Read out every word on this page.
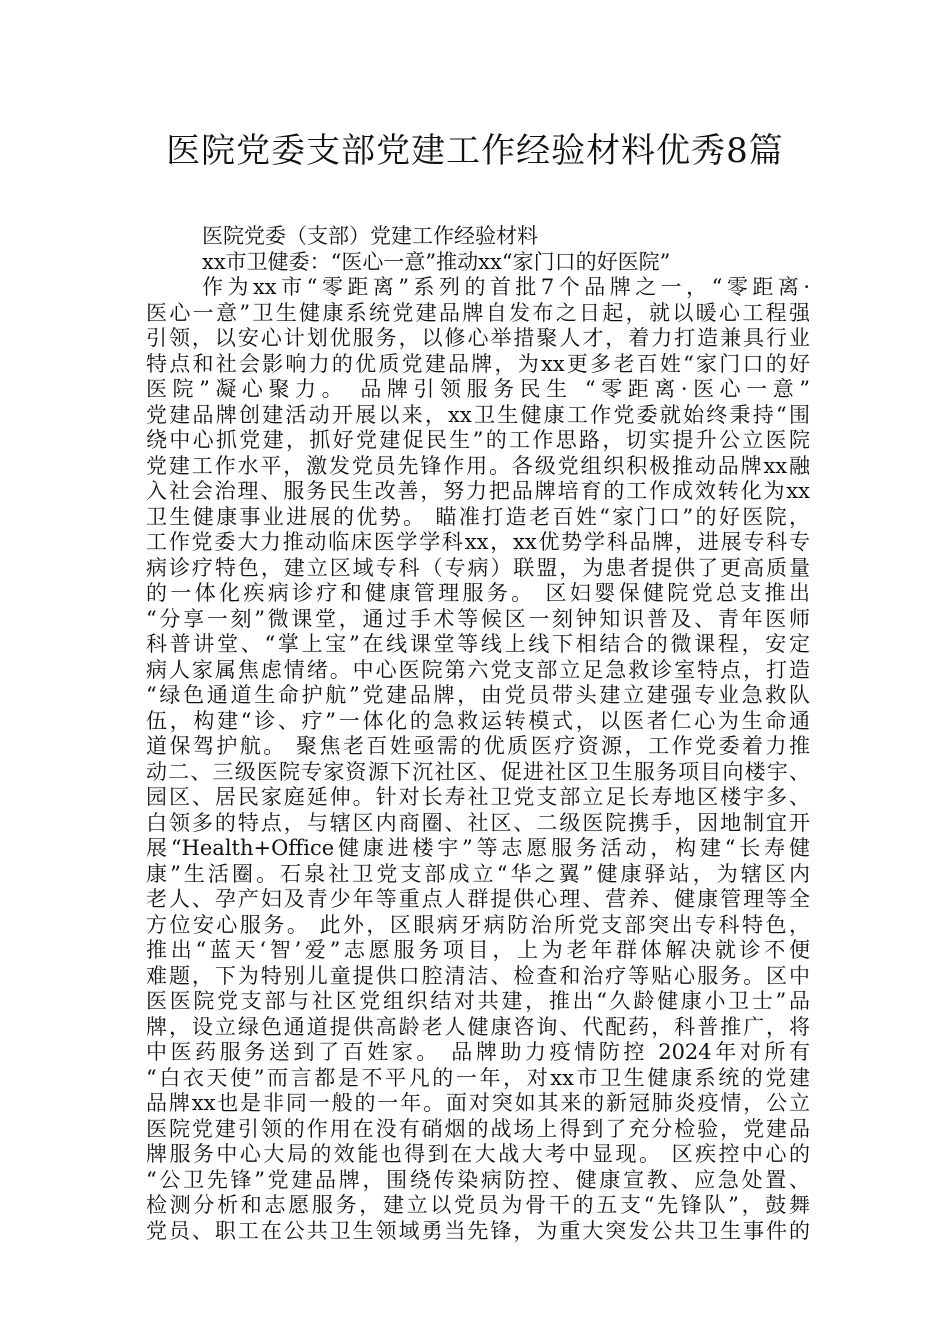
医院党委支部党建工作经验材料优秀8篇
医院党委（支部）党建工作经验材料
xx市卫健委：“医心一意”推动xx“家门口的好医院”
作为xx市“零距离”系列的首批7个品牌之一，“零距离·
医心一意”卫生健康系统党建品牌自发布之日起，就以暖心工程强
引领，以安心计划优服务，以修心举措聚人才，着力打造兼具行业
特点和社会影响力的优质党建品牌，为xx更多老百姓“家门口的好
医院”凝心聚力。 品牌引领服务民生 “零距离·医心一意”
党建品牌创建活动开展以来，xx卫生健康工作党委就始终秉持“围
绕中心抓党建，抓好党建促民生”的工作思路，切实提升公立医院
党建工作水平，激发党员先锋作用。各级党组织积极推动品牌xx融
入社会治理、服务民生改善，努力把品牌培育的工作成效转化为xx
卫生健康事业进展的优势。 瞄准打造老百姓“家门口”的好医院，
工作党委大力推动临床医学学科xx，xx优势学科品牌，进展专科专
病诊疗特色，建立区域专科（专病）联盟，为患者提供了更高质量
的一体化疾病诊疗和健康管理服务。 区妇婴保健院党总支推出
“分享一刻”微课堂，通过手术等候区一刻钟知识普及、青年医师
科普讲堂、“掌上宝”在线课堂等线上线下相结合的微课程，安定
病人家属焦虑情绪。中心医院第六党支部立足急救诊室特点，打造
“绿色通道生命护航”党建品牌，由党员带头建立建强专业急救队
伍，构建“诊、疗”一体化的急救运转模式，以医者仁心为生命通
道保驾护航。 聚焦老百姓亟需的优质医疗资源，工作党委着力推
动二、三级医院专家资源下沉社区、促进社区卫生服务项目向楼宇、
园区、居民家庭延伸。针对长寿社卫党支部立足长寿地区楼宇多、
白领多的特点，与辖区内商圈、社区、二级医院携手，因地制宜开
展“Health+Office健康进楼宇”等志愿服务活动，构建“长寿健
康”生活圈。石泉社卫党支部成立“华之翼”健康驿站，为辖区内
老人、孕产妇及青少年等重点人群提供心理、营养、健康管理等全
方位安心服务。 此外，区眼病牙病防治所党支部突出专科特色，
推出“蓝天‘智’爱”志愿服务项目，上为老年群体解决就诊不便
难题，下为特别儿童提供口腔清洁、检查和治疗等贴心服务。区中
医医院党支部与社区党组织结对共建，推出“久龄健康小卫士”品
牌，设立绿色通道提供高龄老人健康咨询、代配药，科普推广，将
中医药服务送到了百姓家。 品牌助力疫情防控 2024年对所有
“白衣天使”而言都是不平凡的一年，对xx市卫生健康系统的党建
品牌xx也是非同一般的一年。面对突如其来的新冠肺炎疫情，公立
医院党建引领的作用在没有硝烟的战场上得到了充分检验，党建品
牌服务中心大局的效能也得到在大战大考中显现。 区疾控中心的
“公卫先锋”党建品牌，围绕传染病防控、健康宣教、应急处置、
检测分析和志愿服务，建立以党员为骨干的五支“先锋队”，鼓舞
党员、职工在公共卫生领域勇当先锋，为重大突发公共卫生事件的
